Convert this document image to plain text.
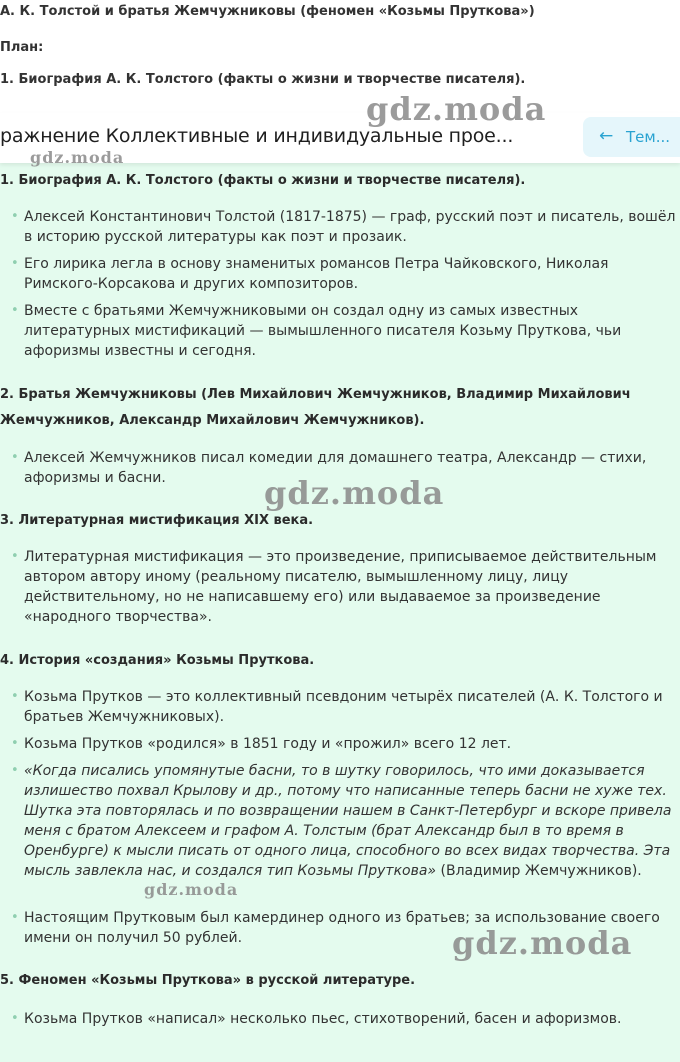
А. К. Толстой и братья Жемчужниковы (феномен «Козьмы Пруткова»)
План:
1. Биография А. К. Толстого (факты о жизни и творчестве писателя).
1. Биография А. К. Толстого (факты о жизни и творчестве писателя).
• Алексей Константинович Толстой (1817-1875) — граф, русский поэт и писатель, вошёл в историю русской литературы как поэт и прозаик.
• Его лирика легла в основу знаменитых романсов Петра Чайковского, Николая Римского-Корсакова и других композиторов.
• Вместе с братьями Жемчужниковыми он создал одну из самых известных литературных мистификаций — вымышленного писателя Козьму Пруткова, чьи афоризмы известны и сегодня.
2. Братья Жемчужниковы (Лев Михайлович Жемчужников, Владимир Михайлович Жемчужников, Александр Михайлович Жемчужников).
• Алексей Жемчужников писал комедии для домашнего театра, Александр — стихи, афоризмы и басни.
3. Литературная мистификация XIX века.
• Литературная мистификация — это произведение, приписываемое действительным автором автору иному (реальному писателю, вымышленному лицу, лицу действительному, но не написавшему его) или выдаваемое за произведение «народного творчества».
4. История «создания» Козьмы Пруткова.
• Козьма Прутков — это коллективный псевдоним четырёх писателей (А. К. Толстого и братьев Жемчужниковых).
• Козьма Прутков «родился» в 1851 году и «прожил» всего 12 лет.
• «Когда писались упомянутые басни, то в шутку говорилось, что ими доказывается излишество похвал Крылову и др., потому что написанные теперь басни не хуже тех. Шутка эта повторялась и по возвращении нашем в Санкт-Петербург и вскоре привела меня с братом Алексеем и графом А. Толстым (брат Александр был в то время в Оренбурге) к мысли писать от одного лица, способного во всех видах творчества. Эта мысль завлекла нас, и создался тип Козьмы Пруткова» (Владимир Жемчужников).
• Настоящим Прутковым был камердинер одного из братьев; за использование своего имени он получил 50 рублей.
5. Феномен «Козьмы Пруткова» в русской литературе.
• Козьма Прутков «написал» несколько пьес, стихотворений, басен и афоризмов.
ражнение Коллективные и индивидуальные прое...	← Тем...
gdz.moda
gdz.moda
gdz.moda
gdz.moda
gdz.moda
